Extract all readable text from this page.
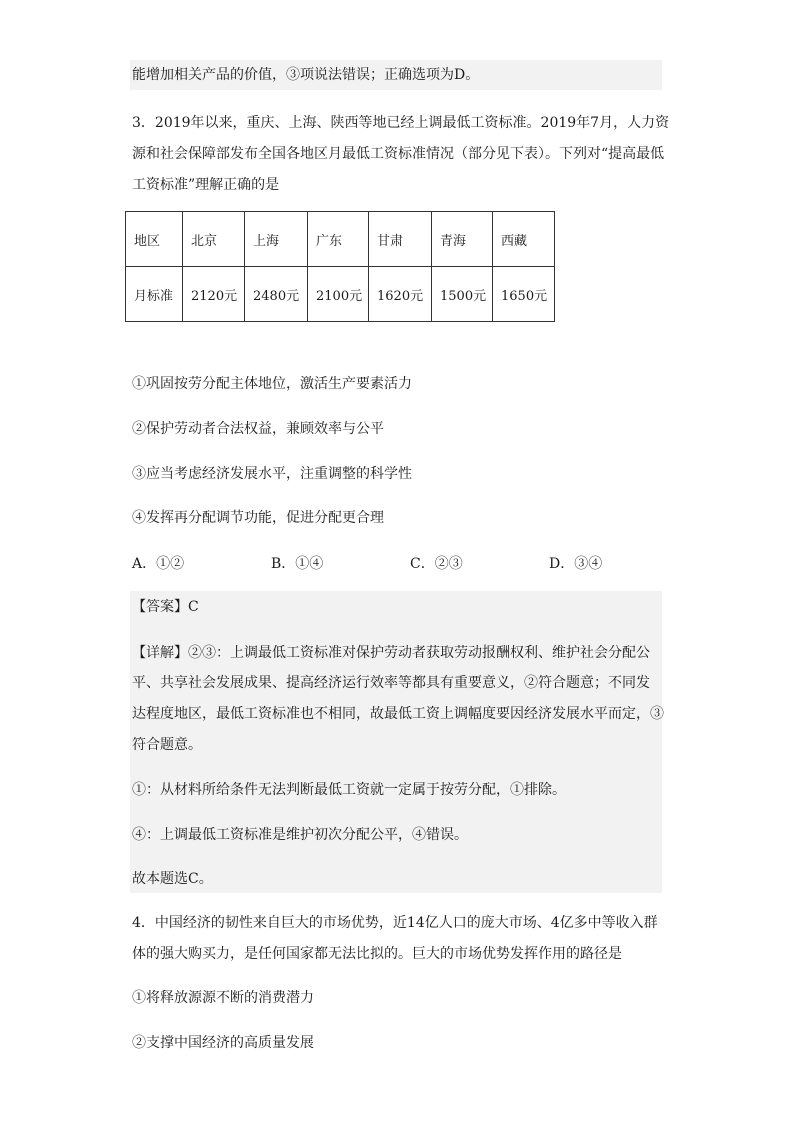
能增加相关产品的价值，③项说法错误；正确选项为D。
3．2019年以来，重庆、上海、陕西等地已经上调最低工资标准。2019年7月，人力资
源和社会保障部发布全国各地区月最低工资标准情况（部分见下表）。下列对“提高最低
工资标准”理解正确的是
地区	北京	上海	广东	甘肃	青海	西藏
月标准	2120元	2480元	2100元	1620元	1500元	1650元
①巩固按劳分配主体地位，激活生产要素活力
②保护劳动者合法权益，兼顾效率与公平
③应当考虑经济发展水平，注重调整的科学性
④发挥再分配调节功能，促进分配更合理
A．①②	B．①④	C．②③	D．③④
【答案】C
【详解】②③：上调最低工资标准对保护劳动者获取劳动报酬权利、维护社会分配公
平、共享社会发展成果、提高经济运行效率等都具有重要意义，②符合题意；不同发
达程度地区，最低工资标准也不相同，故最低工资上调幅度要因经济发展水平而定，③
符合题意。
①：从材料所给条件无法判断最低工资就一定属于按劳分配，①排除。
④：上调最低工资标准是维护初次分配公平，④错误。
故本题选C。
4．中国经济的韧性来自巨大的市场优势，近14亿人口的庞大市场、4亿多中等收入群
体的强大购买力，是任何国家都无法比拟的。巨大的市场优势发挥作用的路径是
①将释放源源不断的消费潜力
②支撑中国经济的高质量发展
